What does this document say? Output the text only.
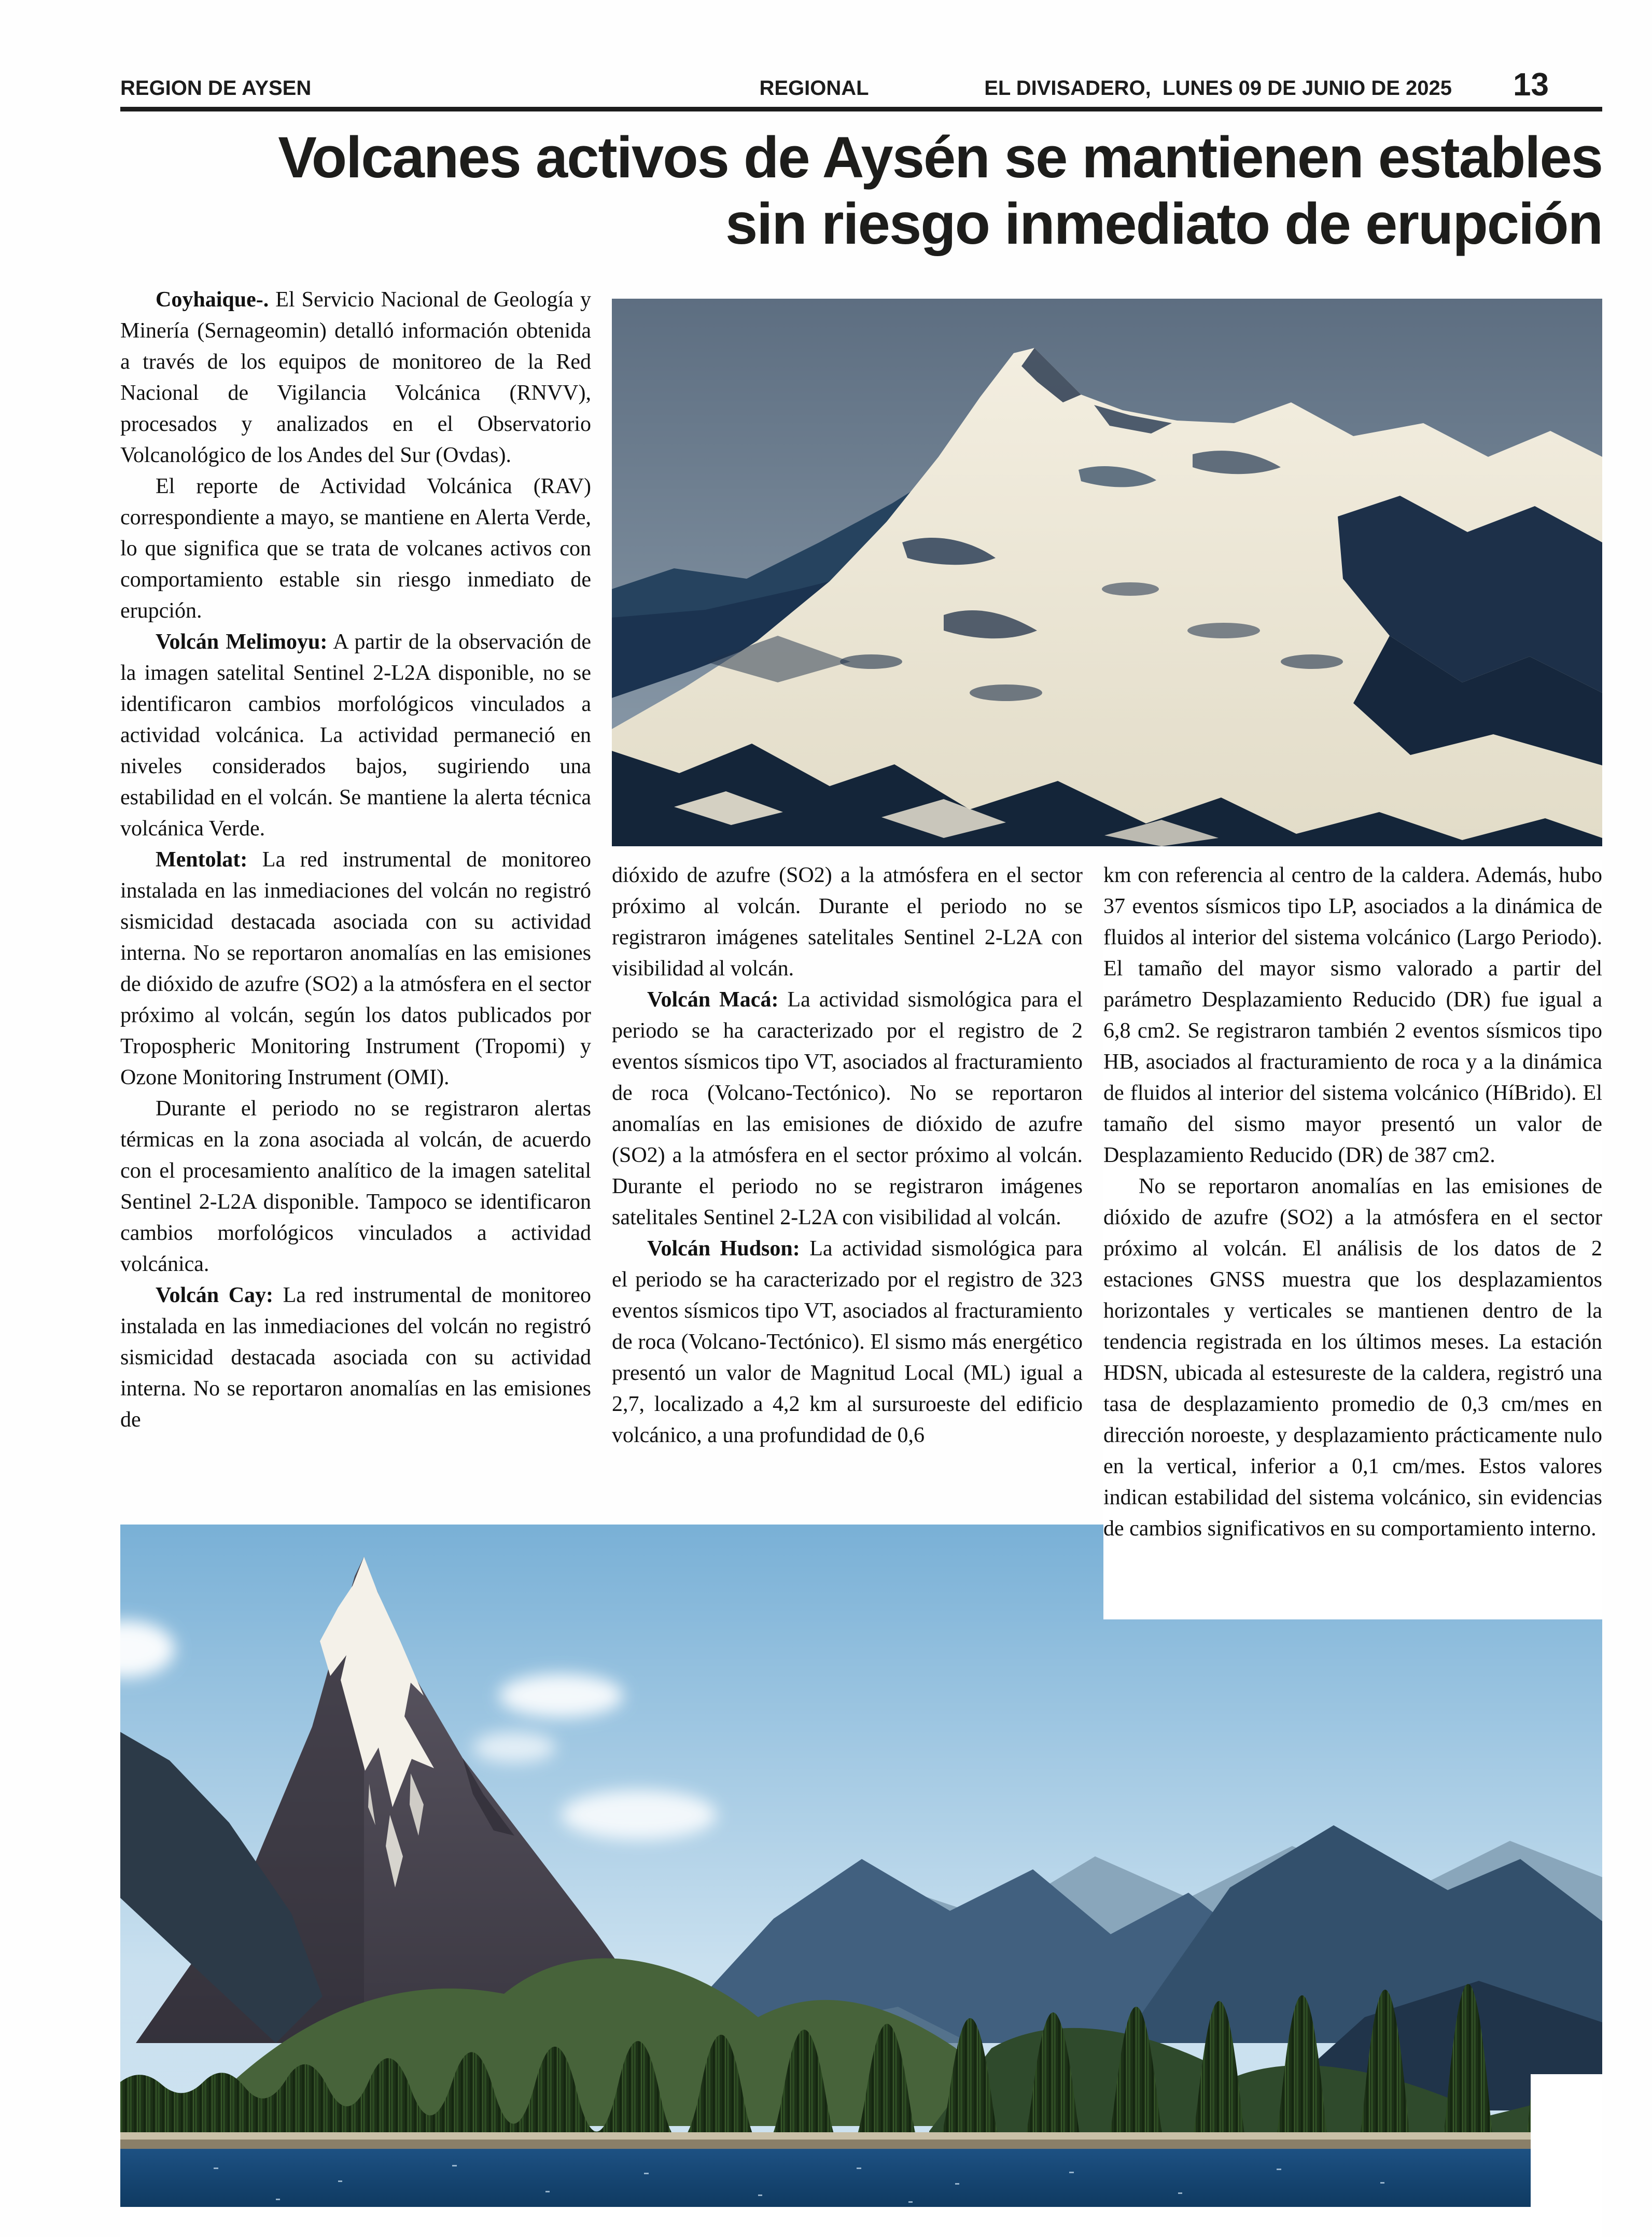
REGION DE AYSEN	REGIONAL	EL DIVISADERO,  LUNES 09 DE JUNIO DE 2025 13
Volcanes activos de Aysén se mantienen estables
sin riesgo inmediato de erupción

Coyhaique-. El Servicio Nacional de Geología y Minería (Sernageomin) detalló información obtenida a través de los equipos de monitoreo de la Red Nacional de Vigilancia Volcánica (RNVV), procesados y analizados en el Observatorio Volcanológico de los Andes del Sur (Ovdas).

El reporte de Actividad Volcánica (RAV) correspondiente a mayo, se mantiene en Alerta Verde, lo que significa que se trata de volcanes activos con comportamiento estable sin riesgo inmediato de erupción.

Volcán Melimoyu: A partir de la observación de la imagen satelital Sentinel 2-L2A disponible, no se identificaron cambios morfológicos vinculados a actividad volcánica. La actividad permaneció en niveles considerados bajos, sugiriendo una estabilidad en el volcán. Se mantiene la alerta técnica volcánica Verde.

Mentolat: La red instrumental de monitoreo instalada en las inmediaciones del volcán no registró sismicidad destacada asociada con su actividad interna. No se reportaron anomalías en las emisiones de dióxido de azufre (SO2) a la atmósfera en el sector próximo al volcán, según los datos publicados por Tropospheric Monitoring Instrument (Tropomi) y Ozone Monitoring Instrument (OMI).

Durante el periodo no se registraron alertas térmicas en la zona asociada al volcán, de acuerdo con el procesamiento analítico de la imagen satelital Sentinel 2-L2A disponible. Tampoco se identificaron cambios morfológicos vinculados a actividad volcánica.

Volcán Cay: La red instrumental de monitoreo instalada en las inmediaciones del volcán no registró sismicidad destacada asociada con su actividad interna. No se reportaron anomalías en las emisiones de

dióxido de azufre (SO2) a la atmósfera en el sector próximo al volcán. Durante el periodo no se registraron imágenes satelitales Sentinel 2-L2A con visibilidad al volcán.

Volcán Macá: La actividad sismológica para el periodo se ha caracterizado por el registro de 2 eventos sísmicos tipo VT, asociados al fracturamiento de roca (Volcano-Tectónico). No se reportaron anomalías en las emisiones de dióxido de azufre (SO2) a la atmósfera en el sector próximo al volcán. Durante el periodo no se registraron imágenes satelitales Sentinel 2-L2A con visibilidad al volcán.

Volcán Hudson: La actividad sismológica para el periodo se ha caracterizado por el registro de 323 eventos sísmicos tipo VT, asociados al fracturamiento de roca (Volcano-Tectónico). El sismo más energético presentó un valor de Magnitud Local (ML) igual a 2,7, localizado a 4,2 km al sursuroeste del edificio volcánico, a una profundidad de 0,6

km con referencia al centro de la caldera. Además, hubo 37 eventos sísmicos tipo LP, asociados a la dinámica de fluidos al interior del sistema volcánico (Largo Periodo). El tamaño del mayor sismo valorado a partir del parámetro Desplazamiento Reducido (DR) fue igual a 6,8 cm2. Se registraron también 2 eventos sísmicos tipo HB, asociados al fracturamiento de roca y a la dinámica de fluidos al interior del sistema volcánico (HíBrido). El tamaño del sismo mayor presentó un valor de Desplazamiento Reducido (DR) de 387 cm2.

No se reportaron anomalías en las emisiones de dióxido de azufre (SO2) a la atmósfera en el sector próximo al volcán. El análisis de los datos de 2 estaciones GNSS muestra que los desplazamientos horizontales y verticales se mantienen dentro de la tendencia registrada en los últimos meses. La estación HDSN, ubicada al estesureste de la caldera, registró una tasa de desplazamiento promedio de 0,3 cm/mes en dirección noroeste, y desplazamiento prácticamente nulo en la vertical, inferior a 0,1 cm/mes. Estos valores indican estabilidad del sistema volcánico, sin evidencias de cambios significativos en su comportamiento interno.
